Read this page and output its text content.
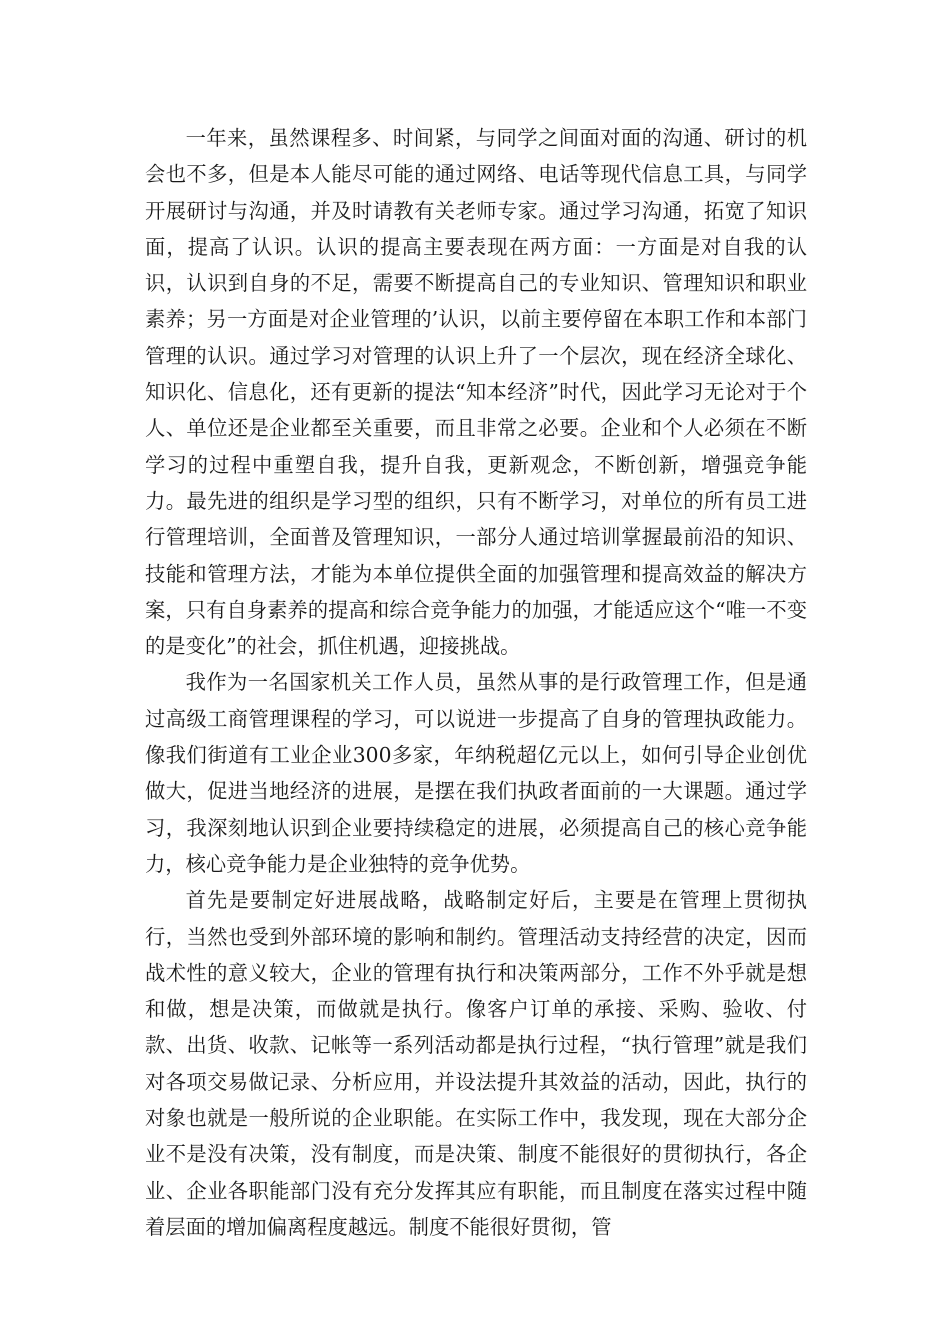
一年来，虽然课程多、时间紧，与同学之间面对面的沟通、研讨的机会也不多，但是本人能尽可能的通过网络、电话等现代信息工具，与同学开展研讨与沟通，并及时请教有关老师专家。通过学习沟通，拓宽了知识面，提高了认识。认识的提高主要表现在两方面：一方面是对自我的认识，认识到自身的不足，需要不断提高自己的专业知识、管理知识和职业素养；另一方面是对企业管理的’认识，以前主要停留在本职工作和本部门管理的认识。通过学习对管理的认识上升了一个层次，现在经济全球化、知识化、信息化，还有更新的提法“知本经济”时代，因此学习无论对于个人、单位还是企业都至关重要，而且非常之必要。企业和个人必须在不断学习的过程中重塑自我，提升自我，更新观念，不断创新，增强竞争能力。最先进的组织是学习型的组织，只有不断学习，对单位的所有员工进行管理培训，全面普及管理知识，一部分人通过培训掌握最前沿的知识、技能和管理方法，才能为本单位提供全面的加强管理和提高效益的解决方案，只有自身素养的提高和综合竞争能力的加强，才能适应这个“唯一不变的是变化”的社会，抓住机遇，迎接挑战。

我作为一名国家机关工作人员，虽然从事的是行政管理工作，但是通过高级工商管理课程的学习，可以说进一步提高了自身的管理执政能力。像我们街道有工业企业300多家，年纳税超亿元以上，如何引导企业创优做大，促进当地经济的进展，是摆在我们执政者面前的一大课题。通过学习，我深刻地认识到企业要持续稳定的进展，必须提高自己的核心竞争能力，核心竞争能力是企业独特的竞争优势。

首先是要制定好进展战略，战略制定好后，主要是在管理上贯彻执行，当然也受到外部环境的影响和制约。管理活动支持经营的决定，因而战术性的意义较大，企业的管理有执行和决策两部分，工作不外乎就是想和做，想是决策，而做就是执行。像客户订单的承接、采购、验收、付款、出货、收款、记帐等一系列活动都是执行过程，“执行管理”就是我们对各项交易做记录、分析应用，并设法提升其效益的活动，因此，执行的对象也就是一般所说的企业职能。在实际工作中，我发现，现在大部分企业不是没有决策，没有制度，而是决策、制度不能很好的贯彻执行，各企业、企业各职能部门没有充分发挥其应有职能，而且制度在落实过程中随着层面的增加偏离程度越远。制度不能很好贯彻，管
